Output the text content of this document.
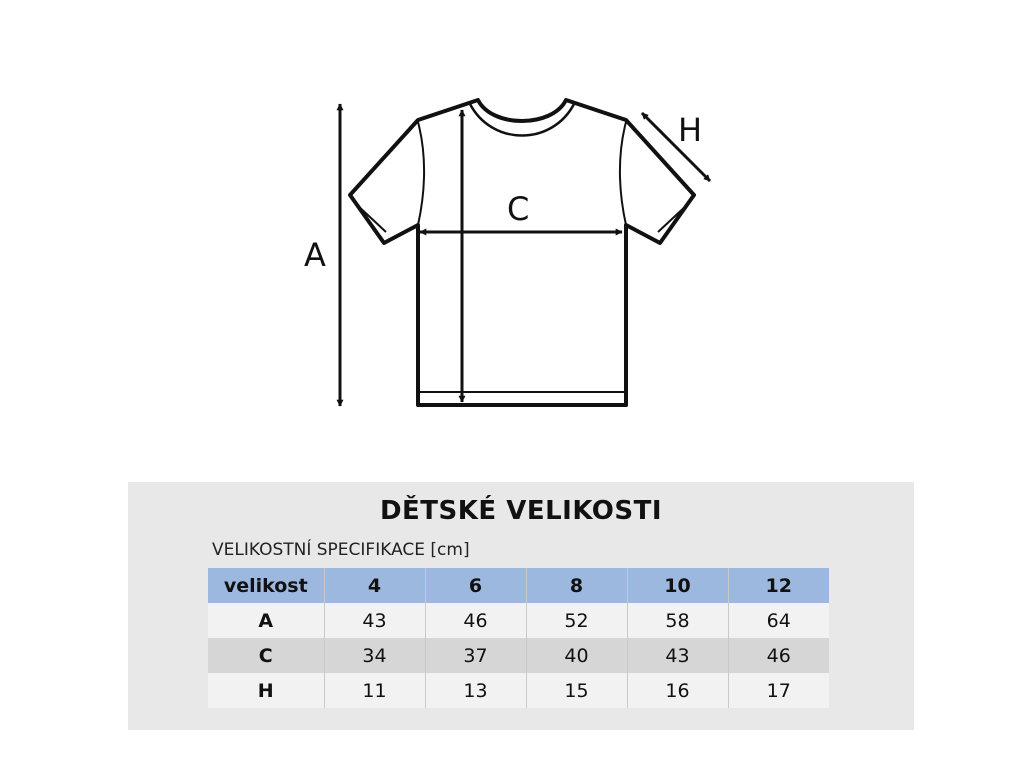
A
C
H
DĚTSKÉ VELIKOSTI
VELIKOSTNÍ SPECIFIKACE [cm]
velikost	4	6	8	10	12
A	43	46	52	58	64
C	34	37	40	43	46
H	11	13	15	16	17
